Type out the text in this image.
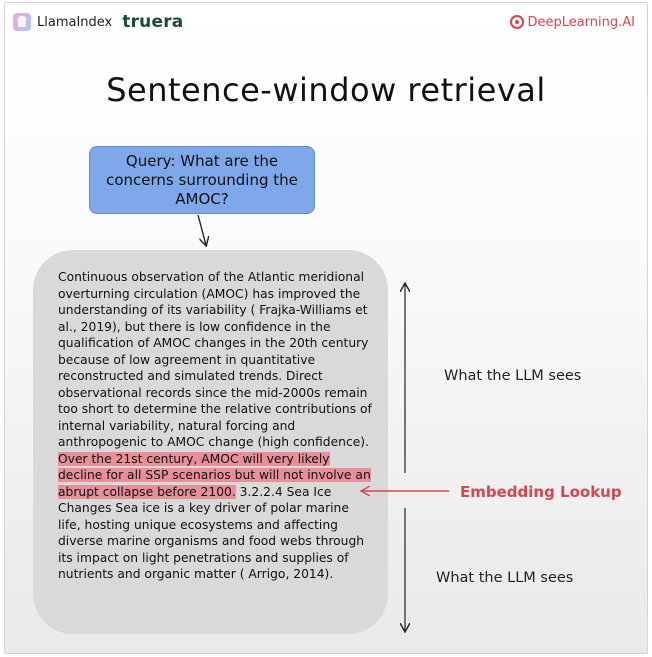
LlamaIndex truera	DeepLearning.AI
Sentence-window retrieval
Query: What are the concerns surrounding the AMOC?
Continuous observation of the Atlantic meridional overturning circulation (AMOC) has improved the understanding of its variability ( Frajka-Williams et al., 2019), but there is low confidence in the qualification of AMOC changes in the 20th century because of low agreement in quantitative reconstructed and simulated trends. Direct observational records since the mid-2000s remain too short to determine the relative contributions of internal variability, natural forcing and anthropogenic to AMOC change (high confidence). Over the 21st century, AMOC will very likely decline for all SSP scenarios but will not involve an abrupt collapse before 2100. 3.2.2.4 Sea Ice Changes Sea ice is a key driver of polar marine life, hosting unique ecosystems and affecting diverse marine organisms and food webs through its impact on light penetrations and supplies of nutrients and organic matter ( Arrigo, 2014).
What the LLM sees
Embedding Lookup
What the LLM sees
